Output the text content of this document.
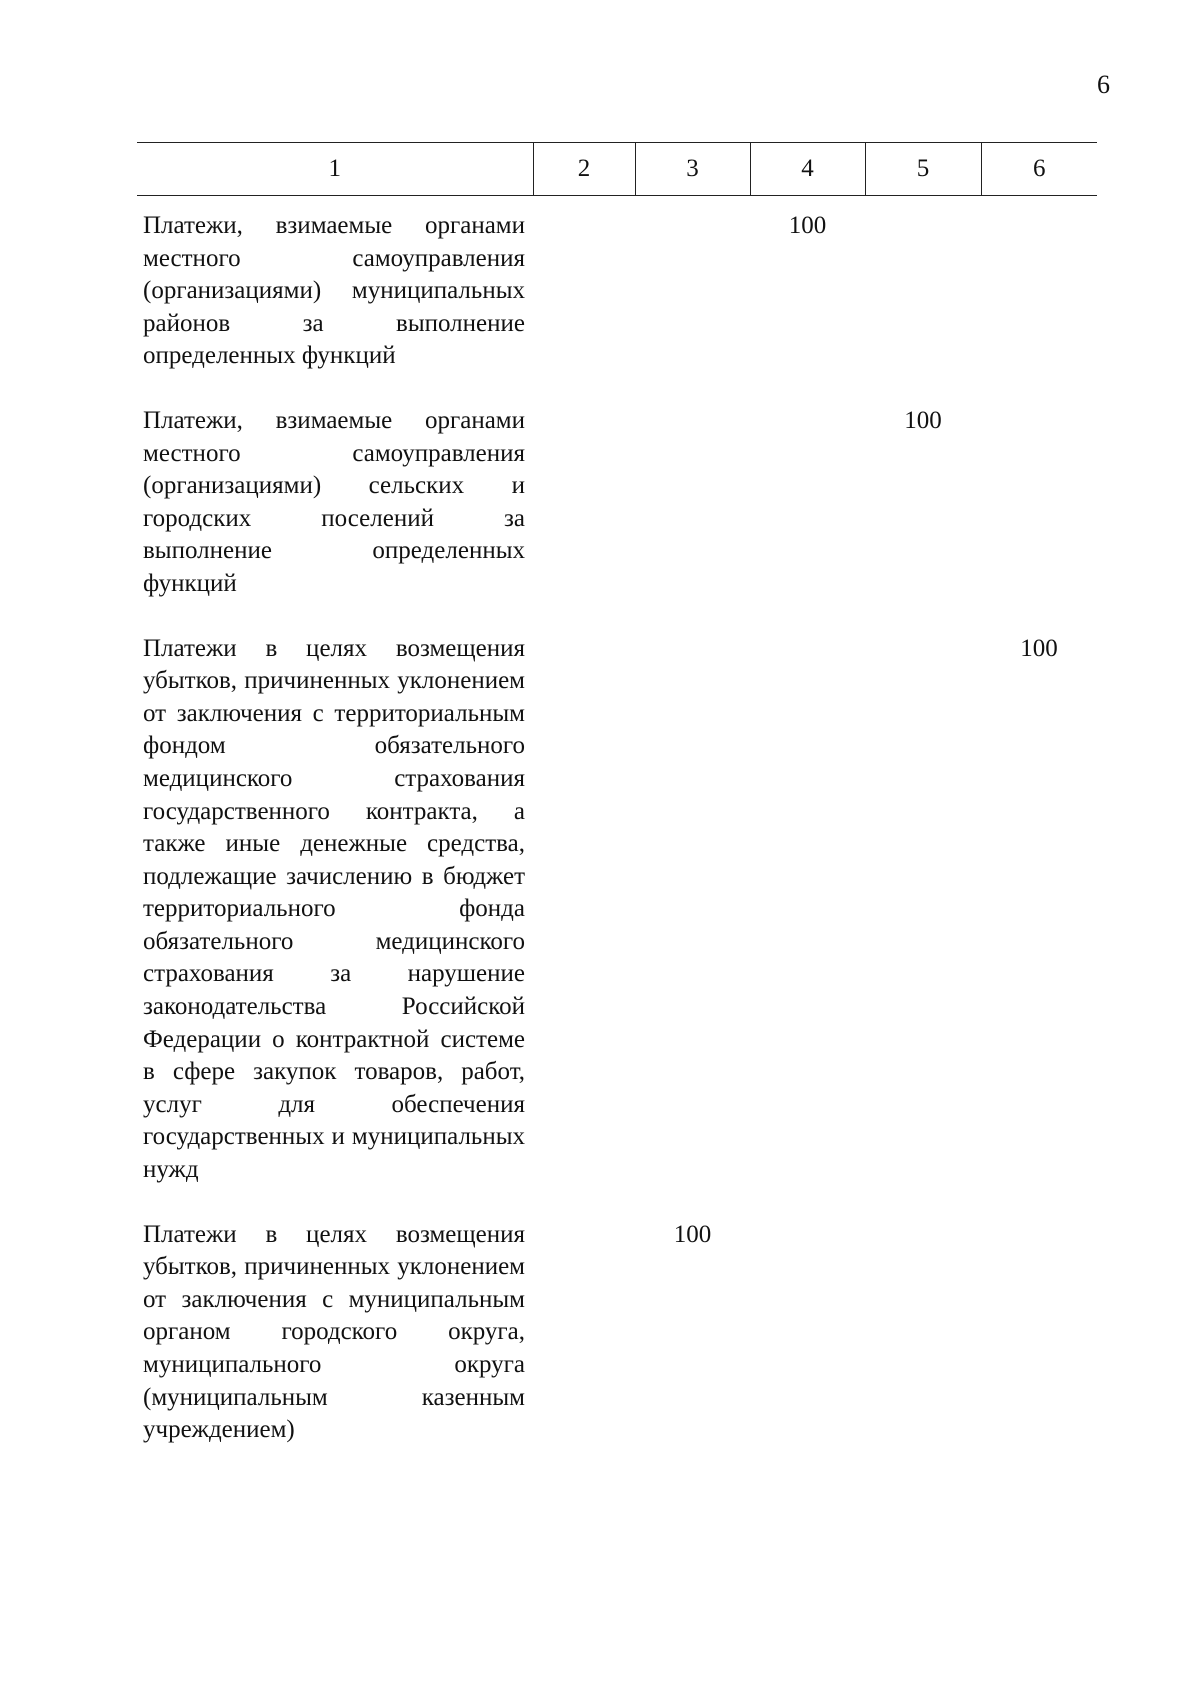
6
1	2	3	4	5	6
Платежи, взимаемые органами местного самоуправления (организациями) муниципальных районов за выполнение определенных функций			100		
Платежи, взимаемые органами местного самоуправления (организациями) сельских и городских поселений за выполнение определенных функций				100	
Платежи в целях возмещения убытков, причиненных уклонением от заключения с территориальным фондом обязательного медицинского страхования государственного контракта, а также иные денежные средства, подлежащие зачислению в бюджет территориального фонда обязательного медицинского страхования за нарушение законодательства Российской Федерации о контрактной системе в сфере закупок товаров, работ, услуг для обеспечения государственных и муниципальных нужд					100
Платежи в целях возмещения убытков, причиненных уклонением от заключения с муниципальным органом городского округа, муниципального округа (муниципальным казенным учреждением)		100			
